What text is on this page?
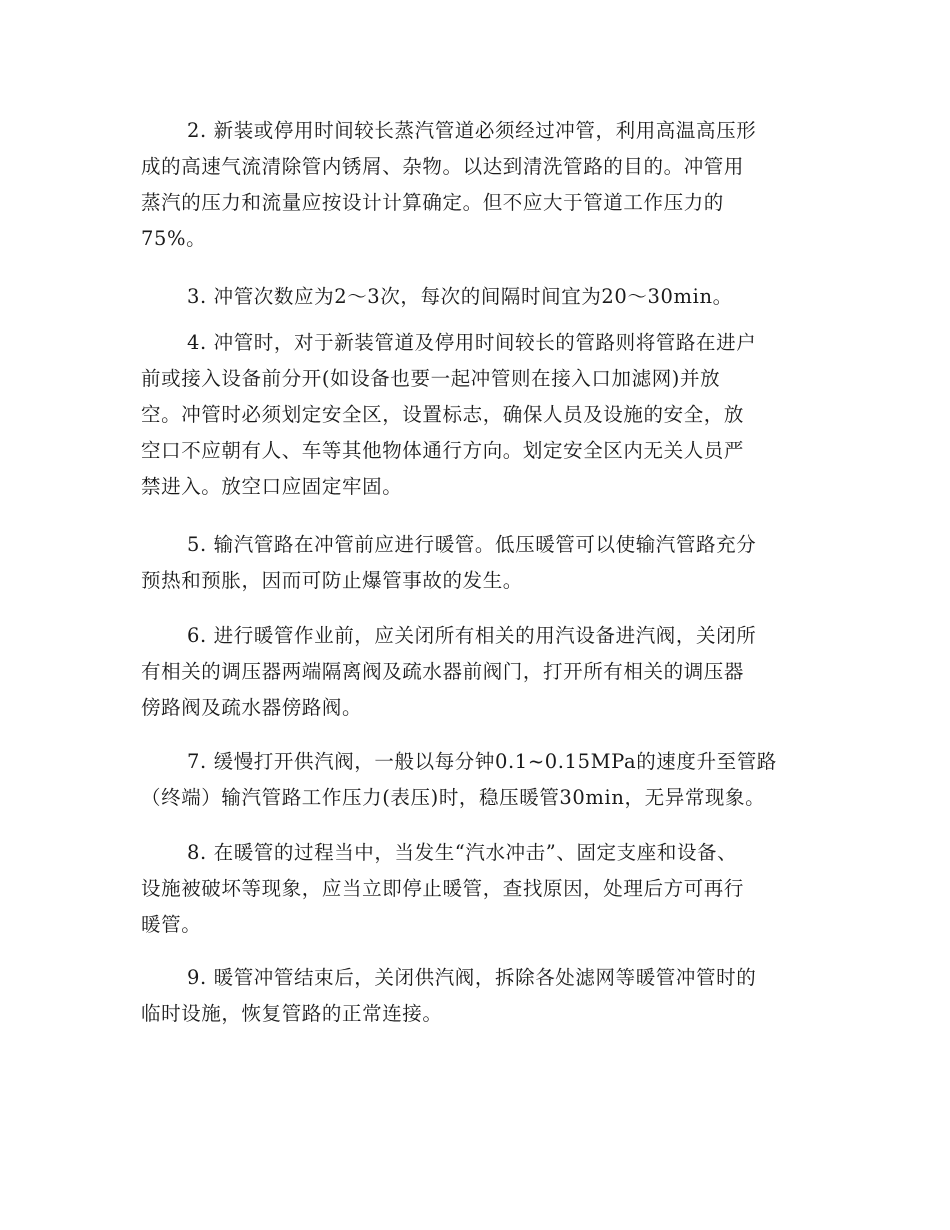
2. 新装或停用时间较长蒸汽管道必须经过冲管，利用高温高压形
成的高速气流清除管内锈屑、杂物。以达到清洗管路的目的。冲管用
蒸汽的压力和流量应按设计计算确定。但不应大于管道工作压力的
75%。

3. 冲管次数应为2～3次，每次的间隔时间宜为20～30min。

4. 冲管时，对于新装管道及停用时间较长的管路则将管路在进户
前或接入设备前分开(如设备也要一起冲管则在接入口加滤网)并放
空。冲管时必须划定安全区，设置标志，确保人员及设施的安全，放
空口不应朝有人、车等其他物体通行方向。划定安全区内无关人员严
禁进入。放空口应固定牢固。

5. 输汽管路在冲管前应进行暖管。低压暖管可以使输汽管路充分
预热和预胀，因而可防止爆管事故的发生。

6. 进行暖管作业前，应关闭所有相关的用汽设备进汽阀，关闭所
有相关的调压器两端隔离阀及疏水器前阀门，打开所有相关的调压器
傍路阀及疏水器傍路阀。

7. 缓慢打开供汽阀，一般以每分钟0.1~0.15MPa的速度升至管路
（终端）输汽管路工作压力(表压)时，稳压暖管30min，无异常现象。

8. 在暖管的过程当中，当发生“汽水冲击”、固定支座和设备、
设施被破坏等现象，应当立即停止暖管，查找原因，处理后方可再行
暖管。

9. 暖管冲管结束后，关闭供汽阀，拆除各处滤网等暖管冲管时的
临时设施，恢复管路的正常连接。
